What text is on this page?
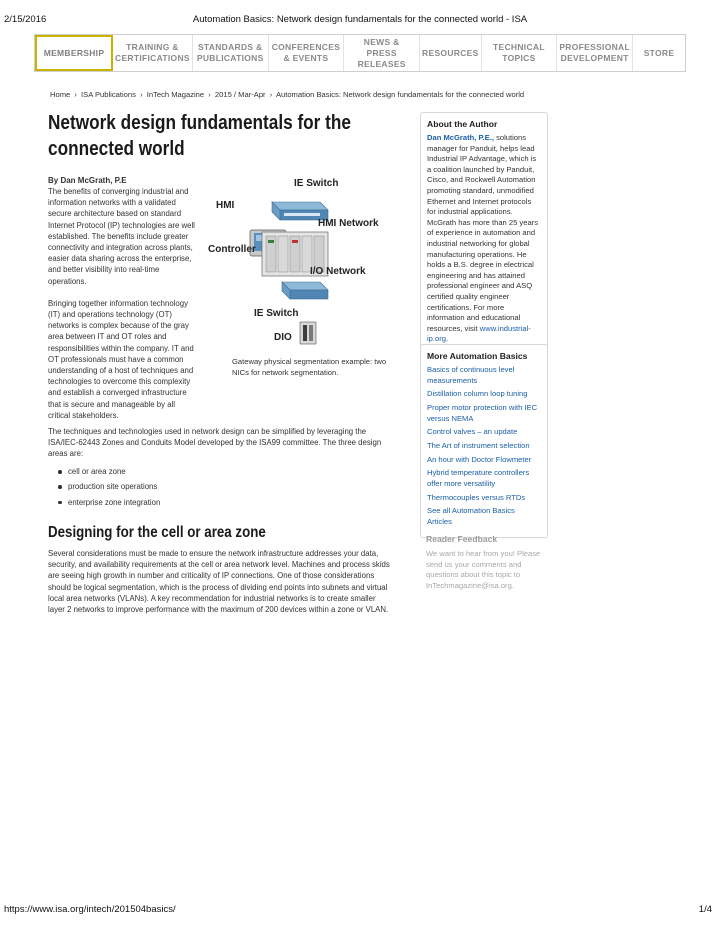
2/15/2016	Automation Basics: Network design fundamentals for the connected world - ISA
MEMBERSHIP
TRAINING &
CERTIFICATIONS
STANDARDS &
PUBLICATIONS
CONFERENCES
& EVENTS
NEWS &
PRESS RELEASES
RESOURCES
TECHNICAL
TOPICS
PROFESSIONAL
DEVELOPMENT
STORE
Home › ISA Publications › InTech Magazine › 2015 / Mar-Apr › Automation Basics: Network design fundamentals for the connected world
Network design fundamentals for the connected world
By Dan McGrath, P.E

The benefits of converging industrial and information networks with a validated secure architecture based on standard Internet Protocol (IP) technologies are well established. The benefits include greater connectivity and integration across plants, easier data sharing across the enterprise, and better visibility into real-time operations.

Bringing together information technology (IT) and operations technology (OT) networks is complex because of the gray area between IT and OT roles and responsibilities within the company. IT and OT professionals must have a common understanding of a host of techniques and technologies to overcome this complexity and establish a converged infrastructure that is secure and manageable by all critical stakeholders.

IE Switch
HMI
HMI Network
Controller
I/O Network
IE Switch
DIO
Gateway physical segmentation example: two NICs for network segmentation.

The techniques and technologies used in network design can be simplified by leveraging the ISA/IEC-62443 Zones and Conduits Model developed by the ISA99 committee. The three design areas are:

cell or area zone
production site operations
enterprise zone integration
Designing for the cell or area zone

Several considerations must be made to ensure the network infrastructure addresses your data, security, and availability requirements at the cell or area network level. Machines and process skids are seeing high growth in number and criticality of IP connections. One of those considerations should be logical segmentation, which is the process of dividing end points into subnets and virtual local area networks (VLANs). A key recommendation for industrial networks is to create smaller layer 2 networks to improve performance with the maximum of 200 devices within a zone or VLAN.

About the Author

Dan McGrath, P.E., solutions manager for Panduit, helps lead Industrial IP Advantage, which is a coalition launched by Panduit, Cisco, and Rockwell Automation promoting standard, unmodified Ethernet and Internet protocols for industrial applications. McGrath has more than 25 years of experience in automation and industrial networking for global manufacturing operations. He holds a B.S. degree in electrical engineering and has attained professional engineer and ASQ certified quality engineer certifications. For more information and educational resources, visit www.industrial-ip.org.

More Automation Basics
Basics of continuous level measurements
Distillation column loop tuning
Proper motor protection with IEC versus NEMA
Control valves – an update
The Art of instrument selection
An hour with Doctor Flowmeter
Hybrid temperature controllers offer more versatility
Thermocouples versus RTDs
See all Automation Basics Articles
Reader Feedback

We want to hear from you! Please send us your comments and questions about this topic to InTechmagazine@isa.org.

https://www.isa.org/intech/201504basics/	1/4
